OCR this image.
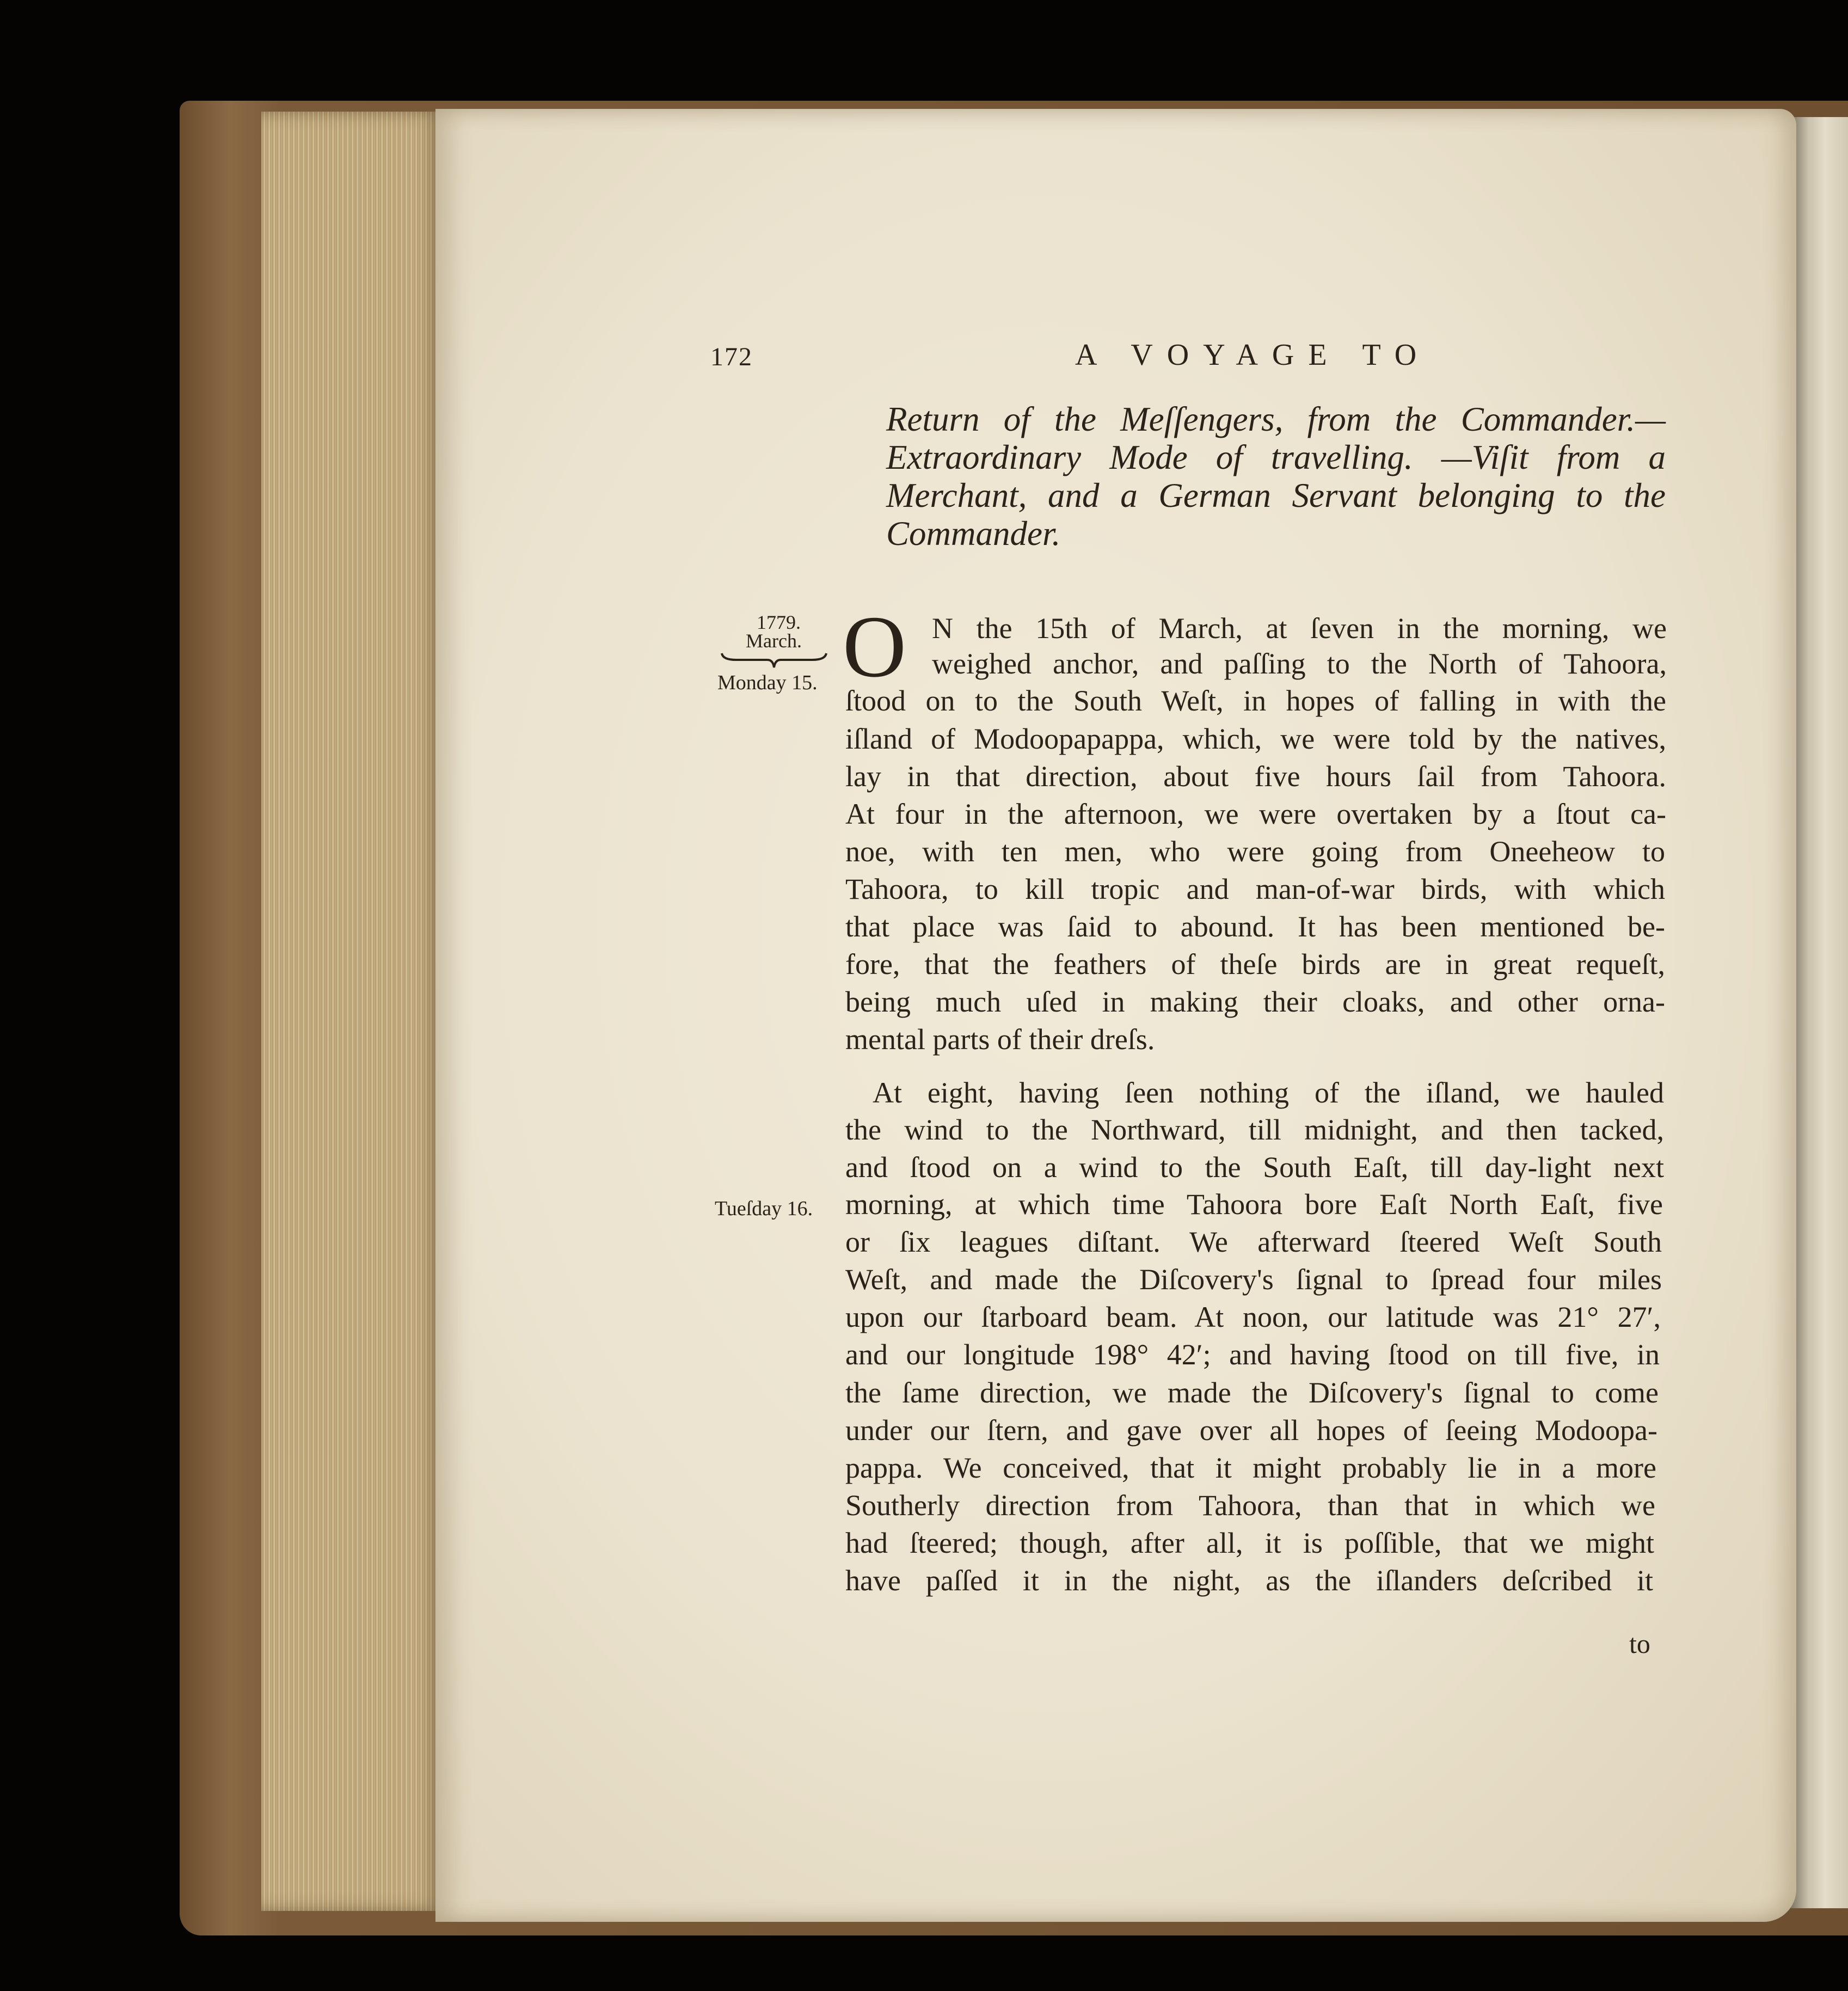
172	A VOYAGE TO
Return of the Meſſengers, from the Commander.—
Extraordinary Mode of travelling. —Viſit from a
Merchant, and a German Servant belonging to the
Commander.
1779.
March.
Monday 15.
Tueſday 16.
O N the 15th of March, at ſeven in the morning, we
weighed anchor, and paſſing to the North of Tahoora,
ſtood on to the South Weſt, in hopes of falling in with the
iſland of Modoopapappa, which, we were told by the natives,
lay in that direction, about five hours ſail from Tahoora.
At four in the afternoon, we were overtaken by a ſtout ca-
noe, with ten men, who were going from Oneeheow to
Tahoora, to kill tropic and man-of-war birds, with which
that place was ſaid to abound. It has been mentioned be-
fore, that the feathers of theſe birds are in great requeſt,
being much uſed in making their cloaks, and other orna-
mental parts of their dreſs.
At eight, having ſeen nothing of the iſland, we hauled
the wind to the Northward, till midnight, and then tacked,
and ſtood on a wind to the South Eaſt, till day-light next
morning, at which time Tahoora bore Eaſt North Eaſt, five
or ſix leagues diſtant. We afterward ſteered Weſt South
Weſt, and made the Diſcovery's ſignal to ſpread four miles
upon our ſtarboard beam. At noon, our latitude was 21° 27′,
and our longitude 198° 42′; and having ſtood on till five, in
the ſame direction, we made the Diſcovery's ſignal to come
under our ſtern, and gave over all hopes of ſeeing Modoopa-
pappa. We conceived, that it might probably lie in a more
Southerly direction from Tahoora, than that in which we
had ſteered; though, after all, it is poſſible, that we might
have paſſed it in the night, as the iſlanders deſcribed it
to
